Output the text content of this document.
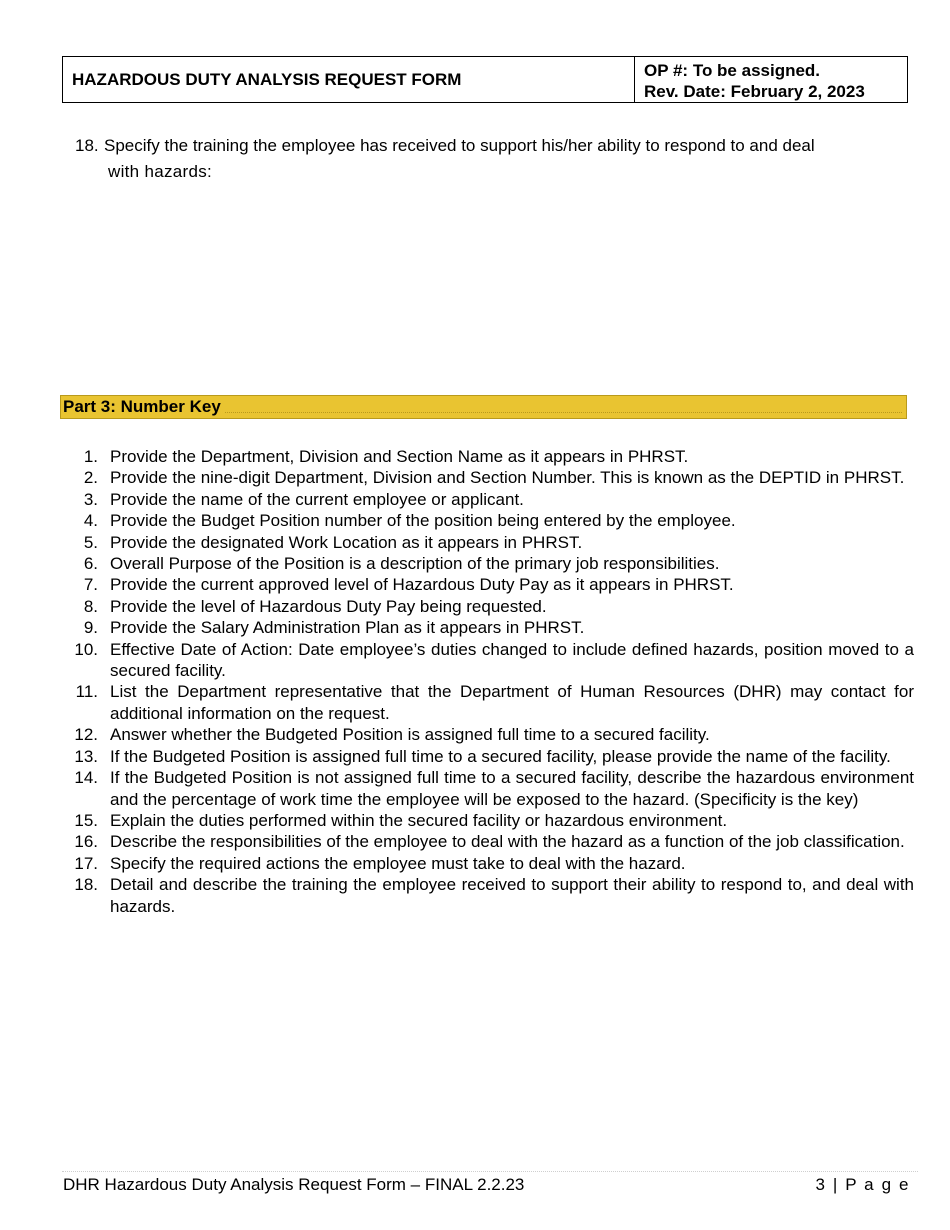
HAZARDOUS DUTY ANALYSIS REQUEST FORM	OP #: To be assigned.
Rev. Date: February 2, 2023
18. Specify the training the employee has received to support his/her ability to respond to and deal
with hazards:
Part 3: Number Key
1. Provide the Department, Division and Section Name as it appears in PHRST.
2. Provide the nine-digit Department, Division and Section Number. This is known as the DEPTID in PHRST.
3. Provide the name of the current employee or applicant.
4. Provide the Budget Position number of the position being entered by the employee.
5. Provide the designated Work Location as it appears in PHRST.
6. Overall Purpose of the Position is a description of the primary job responsibilities.
7. Provide the current approved level of Hazardous Duty Pay as it appears in PHRST.
8. Provide the level of Hazardous Duty Pay being requested.
9. Provide the Salary Administration Plan as it appears in PHRST.
10. Effective Date of Action: Date employee’s duties changed to include defined hazards, position moved to a secured facility.
11. List the Department representative that the Department of Human Resources (DHR) may contact for additional information on the request.
12. Answer whether the Budgeted Position is assigned full time to a secured facility.
13. If the Budgeted Position is assigned full time to a secured facility, please provide the name of the facility.
14. If the Budgeted Position is not assigned full time to a secured facility, describe the hazardous environment and the percentage of work time the employee will be exposed to the hazard. (Specificity is the key)
15. Explain the duties performed within the secured facility or hazardous environment.
16. Describe the responsibilities of the employee to deal with the hazard as a function of the job classification.
17. Specify the required actions the employee must take to deal with the hazard.
18. Detail and describe the training the employee received to support their ability to respond to, and deal with hazards.
DHR Hazardous Duty Analysis Request Form – FINAL 2.2.23	3 | P a g e
